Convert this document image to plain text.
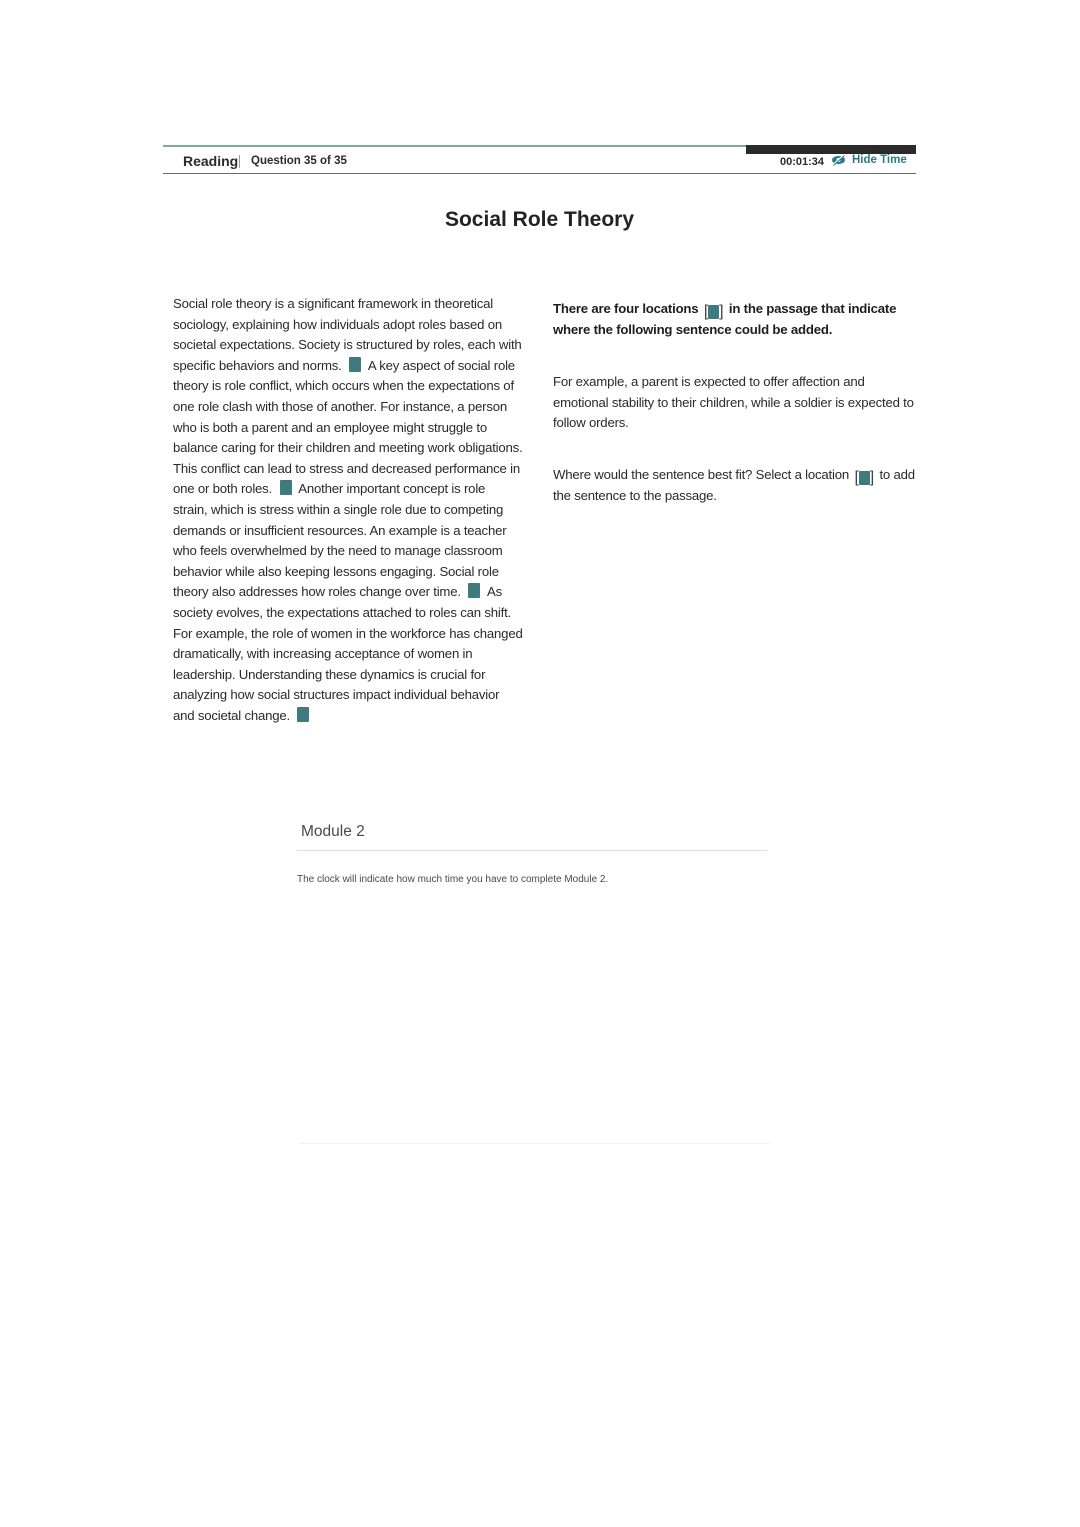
Reading Question 35 of 35	00:01:34 Hide Time
Social Role Theory
Social role theory is a significant framework in theoretical sociology, explaining how individuals adopt roles based on societal expectations. Society is structured by roles, each with specific behaviors and norms. A key aspect of social role theory is role conflict, which occurs when the expectations of one role clash with those of another. For instance, a person who is both a parent and an employee might struggle to balance caring for their children and meeting work obligations. This conflict can lead to stress and decreased performance in one or both roles. Another important concept is role strain, which is stress within a single role due to competing demands or insufficient resources. An example is a teacher who feels overwhelmed by the need to manage classroom behavior while also keeping lessons engaging. Social role theory also addresses how roles change over time. As society evolves, the expectations attached to roles can shift. For example, the role of women in the workforce has changed dramatically, with increasing acceptance of women in leadership. Understanding these dynamics is crucial for analyzing how social structures impact individual behavior and societal change.
There are four locations [ ] in the passage that indicate where the following sentence could be added.
For example, a parent is expected to offer affection and emotional stability to their children, while a soldier is expected to follow orders.
Where would the sentence best fit? Select a location [ ] to add the sentence to the passage.
Module 2
The clock will indicate how much time you have to complete Module 2.
